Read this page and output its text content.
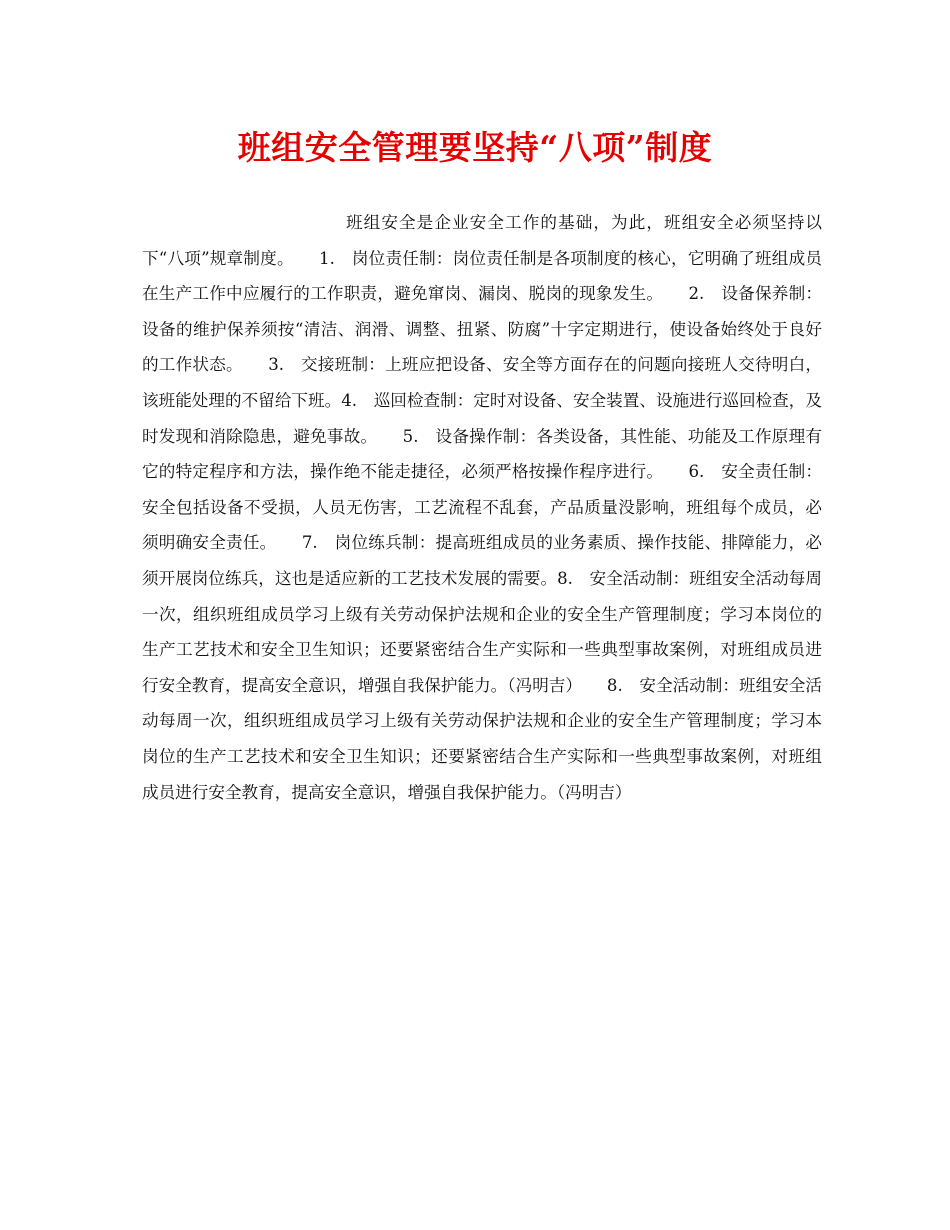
班组安全管理要坚持“八项”制度

班组安全是企业安全工作的基础，为此，班组安全必须坚持以下“八项”规章制度。　　1.　岗位责任制：岗位责任制是各项制度的核心，它明确了班组成员在生产工作中应履行的工作职责，避免窜岗、漏岗、脱岗的现象发生。　　2.　设备保养制：设备的维护保养须按“清洁、润滑、调整、扭紧、防腐”十字定期进行，使设备始终处于良好的工作状态。　　3.　交接班制：上班应把设备、安全等方面存在的问题向接班人交待明白，该班能处理的不留给下班。4.　巡回检查制：定时对设备、安全装置、设施进行巡回检查，及时发现和消除隐患，避免事故。　　5.　设备操作制：各类设备，其性能、功能及工作原理有它的特定程序和方法，操作绝不能走捷径，必须严格按操作程序进行。　　6.　安全责任制：安全包括设备不受损，人员无伤害，工艺流程不乱套，产品质量没影响，班组每个成员，必须明确安全责任。　　7.　岗位练兵制：提高班组成员的业务素质、操作技能、排障能力，必须开展岗位练兵，这也是适应新的工艺技术发展的需要。8.　安全活动制：班组安全活动每周一次，组织班组成员学习上级有关劳动保护法规和企业的安全生产管理制度；学习本岗位的生产工艺技术和安全卫生知识；还要紧密结合生产实际和一些典型事故案例，对班组成员进行安全教育，提高安全意识，增强自我保护能力。（冯明吉）　　8.　安全活动制：班组安全活动每周一次，组织班组成员学习上级有关劳动保护法规和企业的安全生产管理制度；学习本岗位的生产工艺技术和安全卫生知识；还要紧密结合生产实际和一些典型事故案例，对班组成员进行安全教育，提高安全意识，增强自我保护能力。（冯明吉）
